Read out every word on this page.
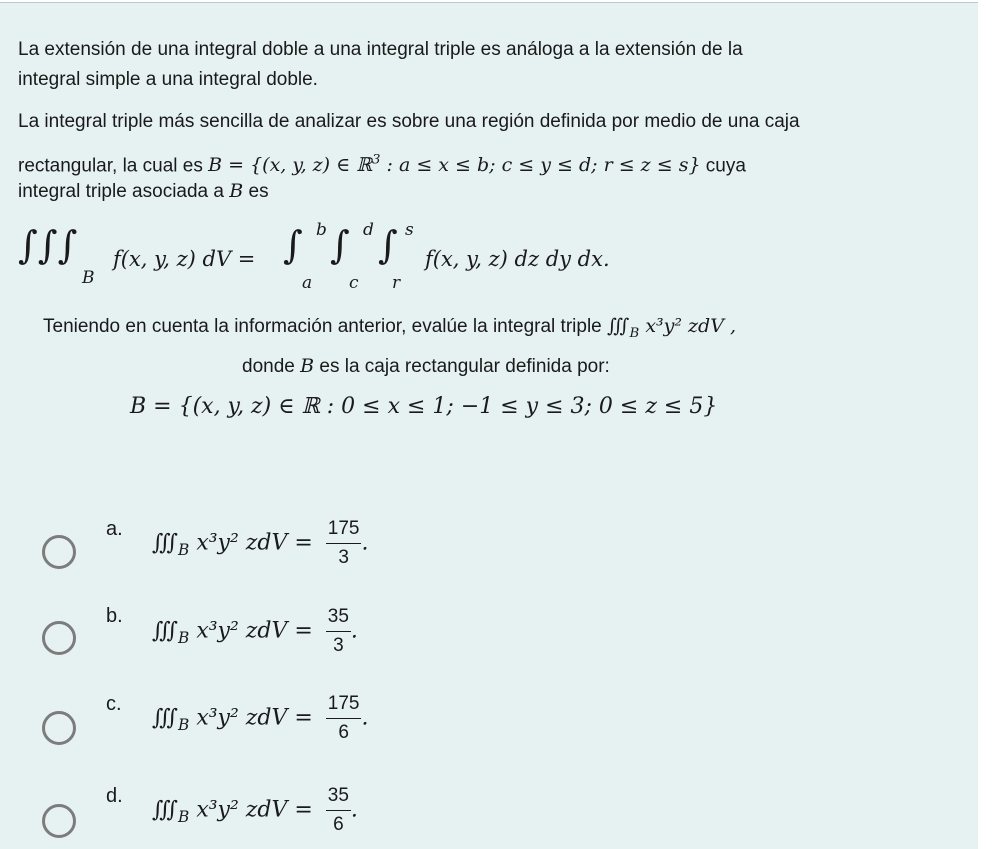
La extensión de una integral doble a una integral triple es análoga a la extensión de la
integral simple a una integral doble.
La integral triple más sencilla de analizar es sobre una región definida por medio de una caja
rectangular, la cual es B = {(x, y, z) ∈ ℝ$^3$ : a ≤ x ≤ b; c ≤ y ≤ d; r ≤ z ≤ s} cuya
integral triple asociada a B es
∫∫∫
B
f(x, y, z) dV = ∫ b
a
∫ d
c
∫ s
r
f(x, y, z) dz dy dx.
Teniendo en cuenta la información anterior, evalúe la integral triple $∭_B$ x³y² zdV ,
donde B es la caja rectangular definida por:
B = {(x, y, z) ∈ ℝ : 0 ≤ x ≤ 1; −1 ≤ y ≤ 3; 0 ≤ z ≤ 5}
a.
$∭_B$ x³y² zdV = $\frac{175}{3}$ .
b.
$∭_B$ x³y² zdV = $\frac{35}{3}$ .
c.
$∭_B$ x³y² zdV = $\frac{175}{6}$ .
d.
$∭_B$ x³y² zdV = $\frac{35}{6}$ .
